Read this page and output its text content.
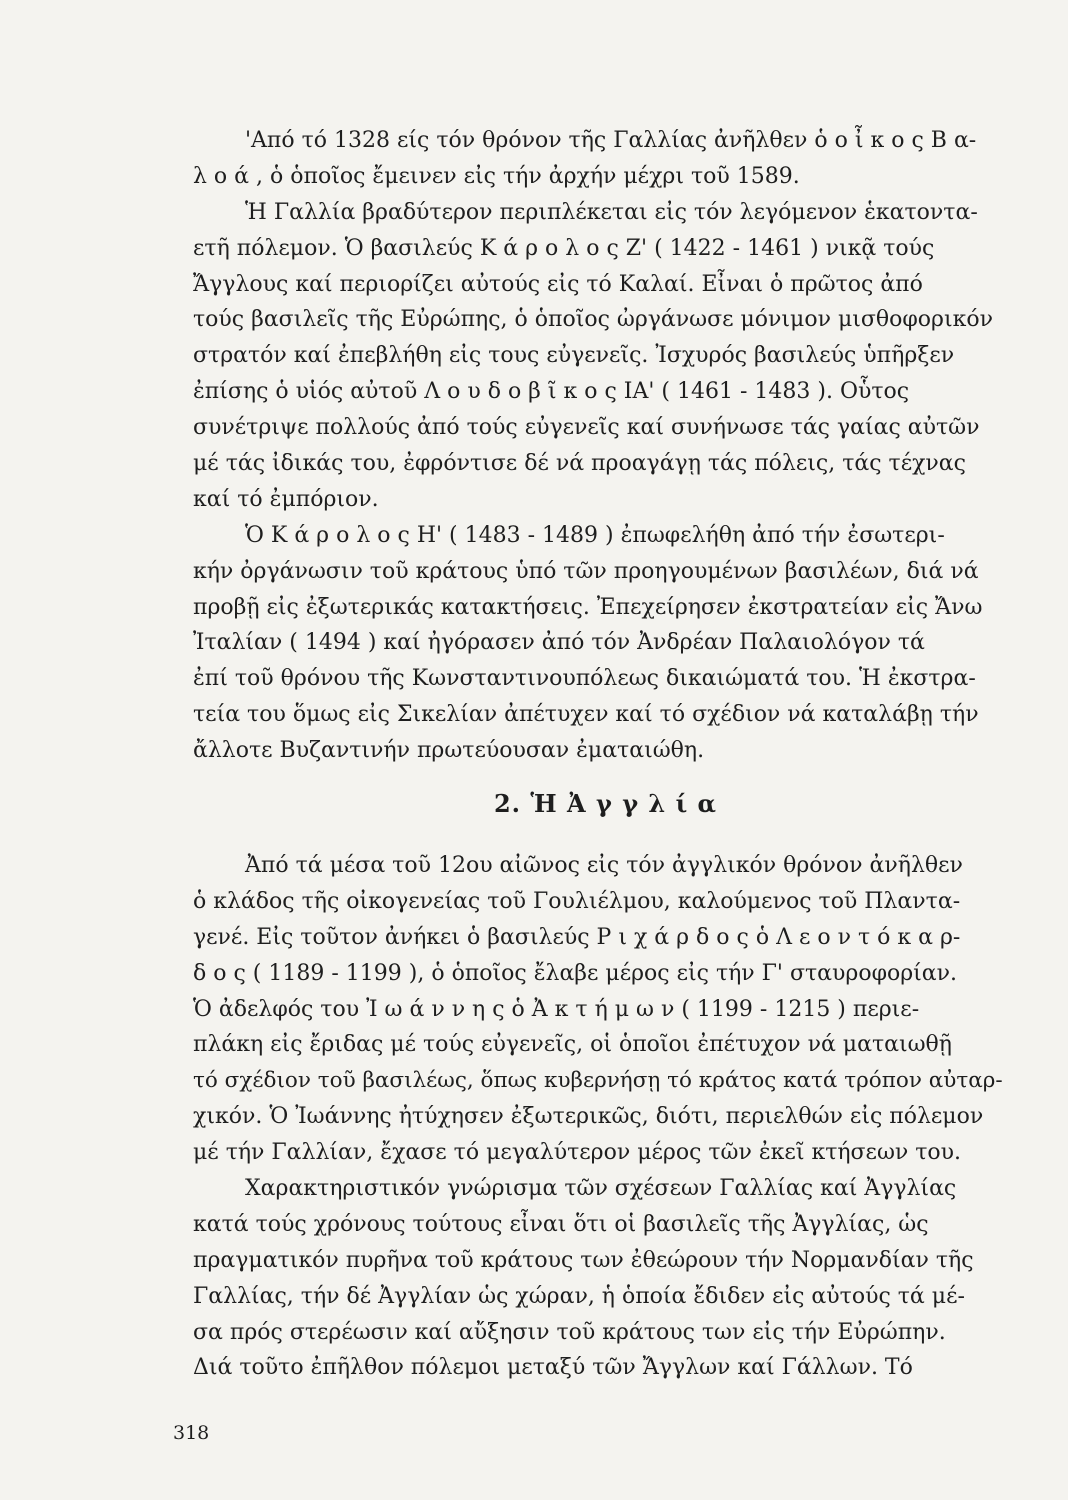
'Από τό 1328 είς τόν θρόνον τῆς Γαλλίας ἀνῆλθεν ὁ ο ἶ κ ο ς Β α-
λ ο ά , ὁ ὁποῖος ἔμεινεν εἰς τήν ἀρχήν μέχρι τοῦ 1589.
Ἡ Γαλλία βραδύτερον περιπλέκεται εἰς τόν λεγόμενον ἑκατοντα-
ετῆ πόλεμον. Ὁ βασιλεύς Κ ά ρ ο λ ο ς Ζ' ( 1422 - 1461 ) νικᾷ τούς
Ἄγγλους καί περιορίζει αὐτούς εἰς τό Καλαί. Εἶναι ὁ πρῶτος ἀπό
τούς βασιλεῖς τῆς Εὐρώπης, ὁ ὁποῖος ὠργάνωσε μόνιμον μισθοφορικόν
στρατόν καί ἐπεβλήθη εἰς τους εὐγενεῖς. Ἰσχυρός βασιλεύς ὑπῆρξεν
ἐπίσης ὁ υἱός αὐτοῦ Λ ο υ δ ο β ῖ κ ο ς ΙΑ' ( 1461 - 1483 ). Οὗτος
συνέτριψε πολλούς ἀπό τούς εὐγενεῖς καί συνήνωσε τάς γαίας αὐτῶν
μέ τάς ἰδικάς του, ἐφρόντισε δέ νά προαγάγῃ τάς πόλεις, τάς τέχνας
καί τό ἐμπόριον.
Ὁ Κ ά ρ ο λ ο ς Η' ( 1483 - 1489 ) ἐπωφελήθη ἀπό τήν ἐσωτερι-
κήν ὀργάνωσιν τοῦ κράτους ὑπό τῶν προηγουμένων βασιλέων, διά νά
προβῇ εἰς ἐξωτερικάς κατακτήσεις. Ἐπεχείρησεν ἐκστρατείαν εἰς Ἄνω
Ἰταλίαν ( 1494 ) καί ἠγόρασεν ἀπό τόν Ἀνδρέαν Παλαιολόγον τά
ἐπί τοῦ θρόνου τῆς Κωνσταντινουπόλεως δικαιώματά του. Ἡ ἐκστρα-
τεία του ὅμως εἰς Σικελίαν ἀπέτυχεν καί τό σχέδιον νά καταλάβῃ τήν
ἄλλοτε Βυζαντινήν πρωτεύουσαν ἐματαιώθη.
2. Ἡ Ἀ γ γ λ ί α
Ἀπό τά μέσα τοῦ 12ου αἰῶνος εἰς τόν ἀγγλικόν θρόνον ἀνῆλθεν
ὁ κλάδος τῆς οἰκογενείας τοῦ Γουλιέλμου, καλούμενος τοῦ Πλαντα-
γενέ. Εἰς τοῦτον ἀνήκει ὁ βασιλεύς Ρ ι χ ά ρ δ ο ς ὁ Λ ε ο ν τ ό κ α ρ-
δ ο ς ( 1189 - 1199 ), ὁ ὁποῖος ἔλαβε μέρος εἰς τήν Γ' σταυροφορίαν.
Ὁ ἀδελφός του Ἰ ω ά ν ν η ς ὁ Ἀ κ τ ή μ ω ν ( 1199 - 1215 ) περιε-
πλάκη εἰς ἔριδας μέ τούς εὐγενεῖς, οἱ ὁποῖοι ἐπέτυχον νά ματαιωθῇ
τό σχέδιον τοῦ βασιλέως, ὅπως κυβερνήσῃ τό κράτος κατά τρόπον αὐταρ-
χικόν. Ὁ Ἰωάννης ἠτύχησεν ἐξωτερικῶς, διότι, περιελθών εἰς πόλεμον
μέ τήν Γαλλίαν, ἔχασε τό μεγαλύτερον μέρος τῶν ἐκεῖ κτήσεων του.
Χαρακτηριστικόν γνώρισμα τῶν σχέσεων Γαλλίας καί Ἀγγλίας
κατά τούς χρόνους τούτους εἶναι ὅτι οἱ βασιλεῖς τῆς Ἀγγλίας, ὡς
πραγματικόν πυρῆνα τοῦ κράτους των ἐθεώρουν τήν Νορμανδίαν τῆς
Γαλλίας, τήν δέ Ἀγγλίαν ὡς χώραν, ἡ ὁποία ἔδιδεν εἰς αὐτούς τά μέ-
σα πρός στερέωσιν καί αὔξησιν τοῦ κράτους των εἰς τήν Εὐρώπην.
Διά τοῦτο ἐπῆλθον πόλεμοι μεταξύ τῶν Ἄγγλων καί Γάλλων. Τό
318
